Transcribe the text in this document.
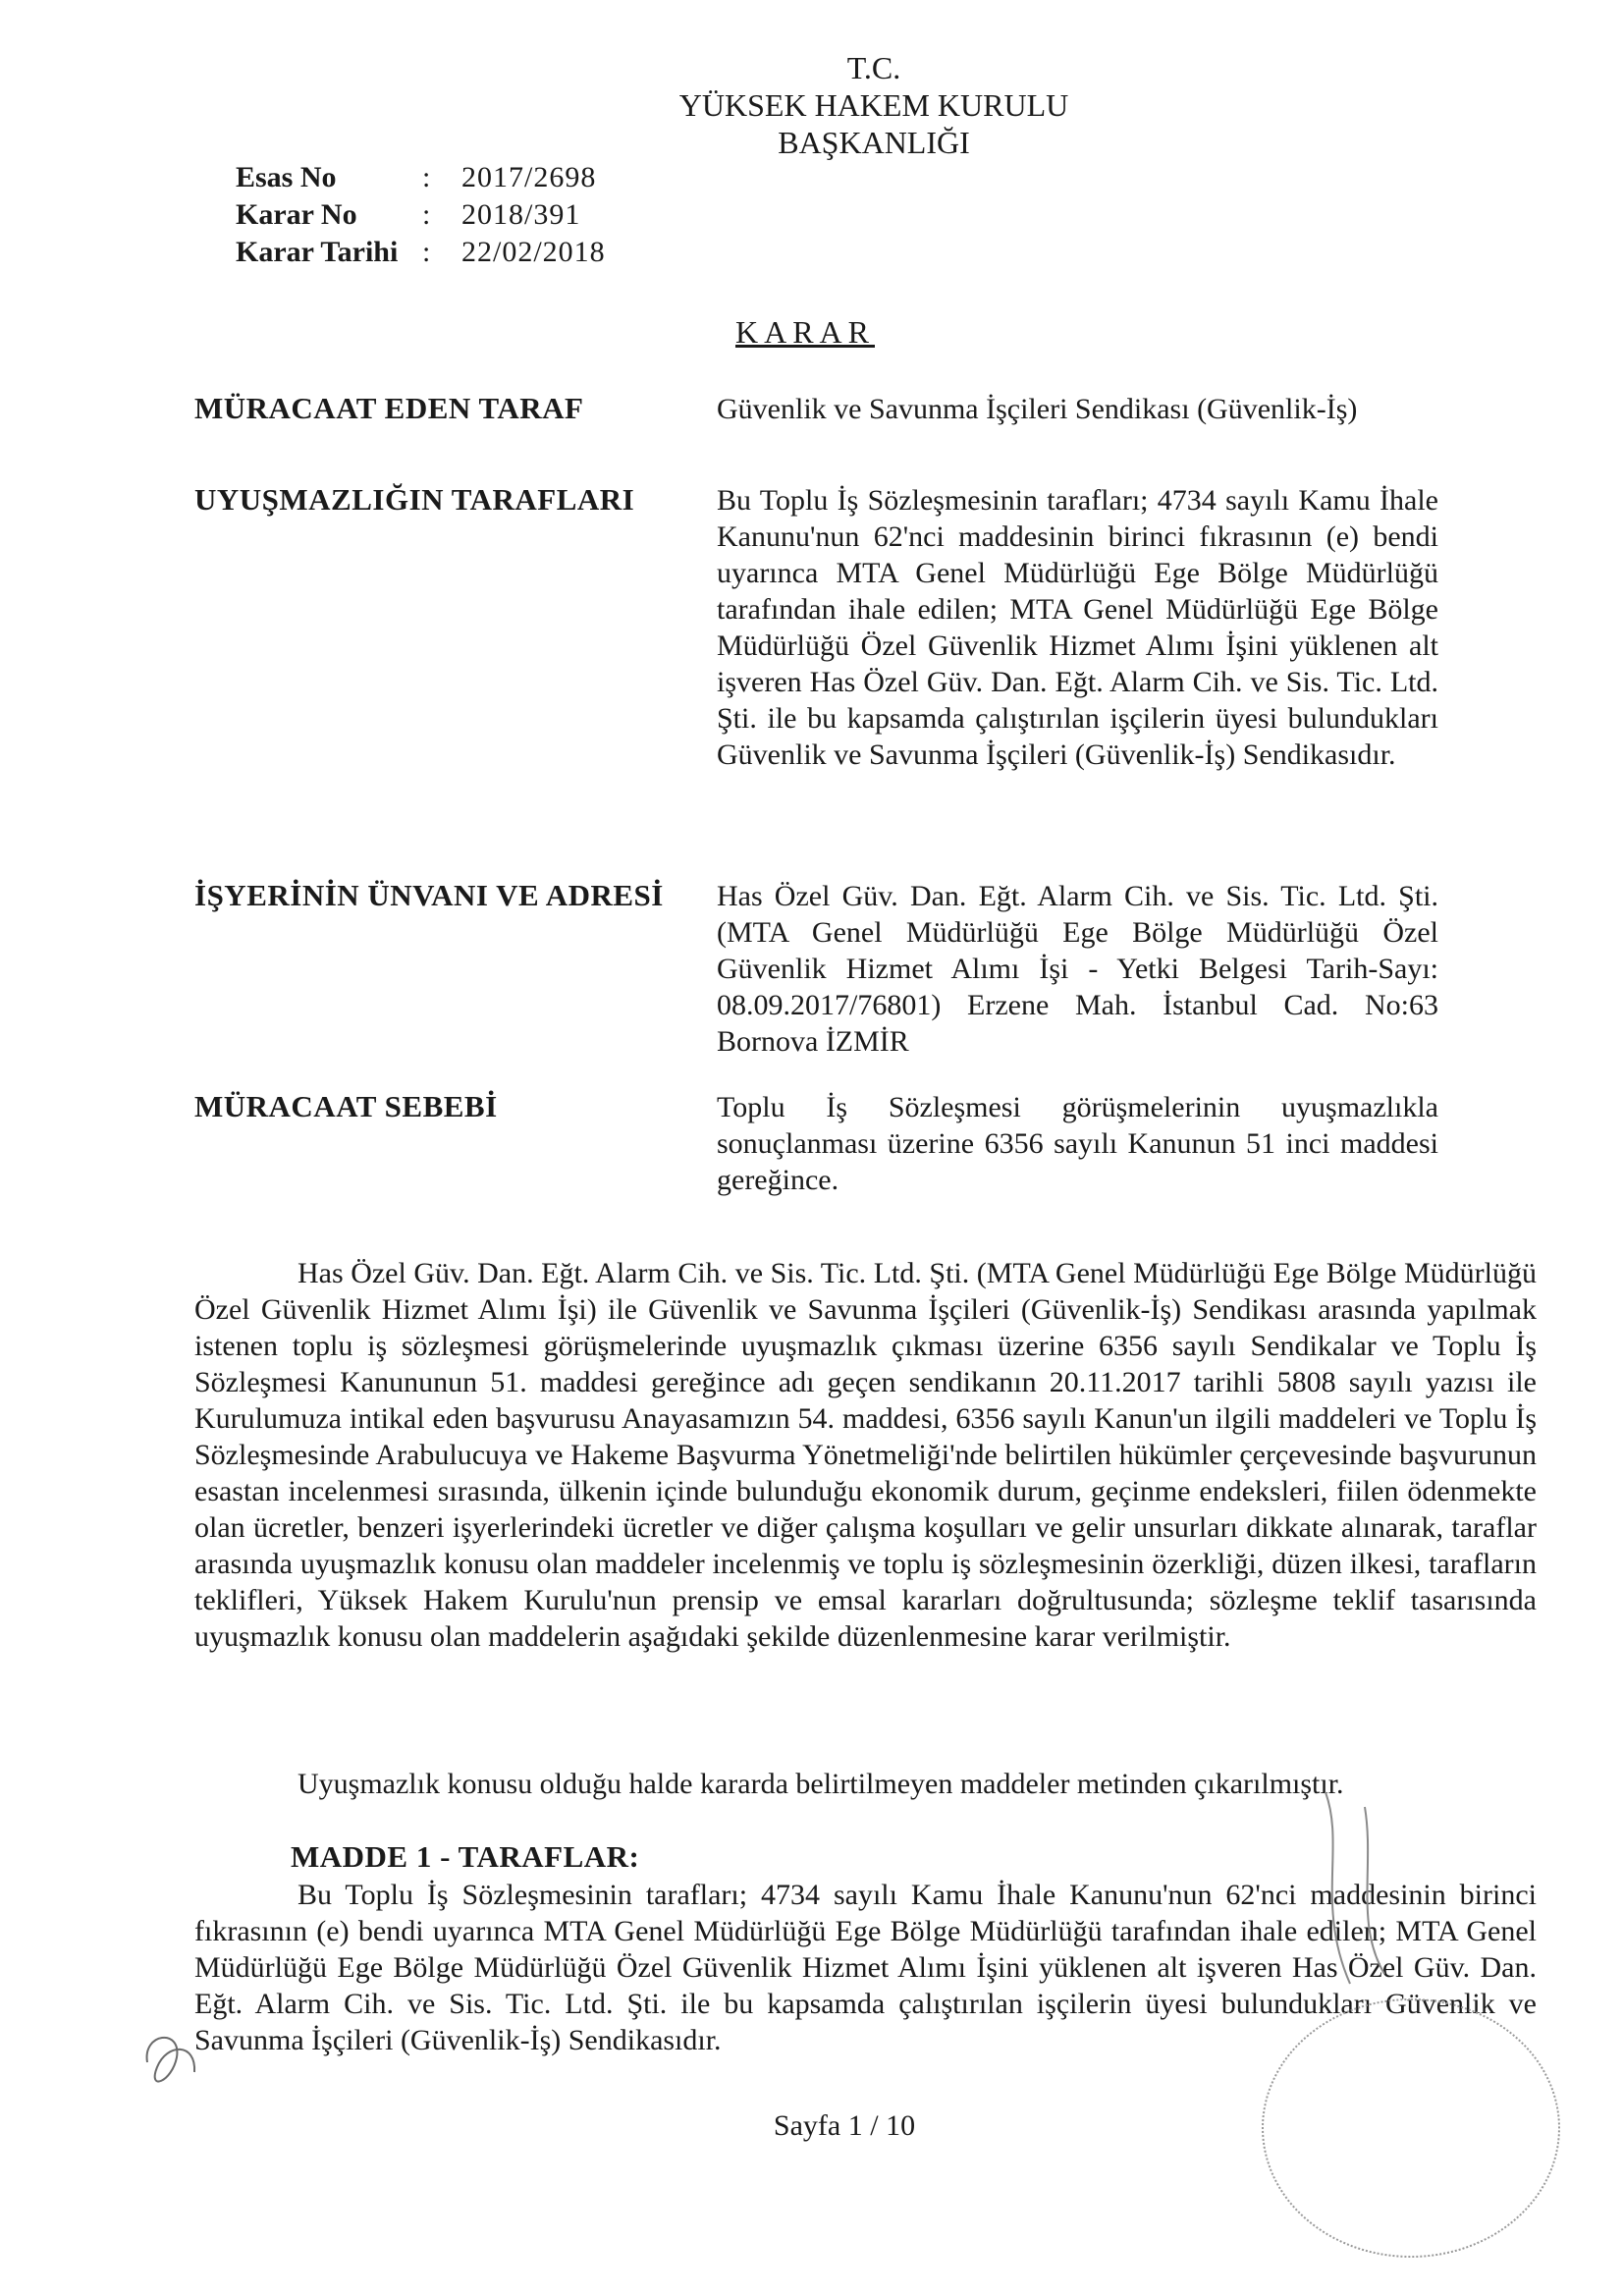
T.C.
YÜKSEK HAKEM KURULU
BAŞKANLIĞI
Esas No	:	2017/2698
Karar No	:	2018/391
Karar Tarihi :	22/02/2018
KARAR
MÜRACAAT EDEN TARAF	Güvenlik ve Savunma İşçileri Sendikası (Güvenlik-İş)
UYUŞMAZLIĞIN TARAFLARI	Bu Toplu İş Sözleşmesinin tarafları; 4734 sayılı Kamu İhale Kanunu'nun 62'nci maddesinin birinci fıkrasının (e) bendi uyarınca MTA Genel Müdürlüğü Ege Bölge Müdürlüğü tarafından ihale edilen; MTA Genel Müdürlüğü Ege Bölge Müdürlüğü Özel Güvenlik Hizmet Alımı İşini yüklenen alt işveren Has Özel Güv. Dan. Eğt. Alarm Cih. ve Sis. Tic. Ltd. Şti. ile bu kapsamda çalıştırılan işçilerin üyesi bulundukları Güvenlik ve Savunma İşçileri (Güvenlik-İş) Sendikasıdır.
İŞYERİNİN ÜNVANI VE ADRESİ Has Özel Güv. Dan. Eğt. Alarm Cih. ve Sis. Tic. Ltd. Şti. (MTA Genel Müdürlüğü Ege Bölge Müdürlüğü Özel Güvenlik Hizmet Alımı İşi - Yetki Belgesi Tarih-Sayı: 08.09.2017/76801) Erzene Mah. İstanbul Cad. No:63 Bornova İZMİR
MÜRACAAT SEBEBİ	Toplu İş Sözleşmesi görüşmelerinin uyuşmazlıkla sonuçlanması üzerine 6356 sayılı Kanunun 51 inci maddesi gereğince.
Has Özel Güv. Dan. Eğt. Alarm Cih. ve Sis. Tic. Ltd. Şti. (MTA Genel Müdürlüğü Ege Bölge Müdürlüğü Özel Güvenlik Hizmet Alımı İşi) ile Güvenlik ve Savunma İşçileri (Güvenlik-İş) Sendikası arasında yapılmak istenen toplu iş sözleşmesi görüşmelerinde uyuşmazlık çıkması üzerine 6356 sayılı Sendikalar ve Toplu İş Sözleşmesi Kanununun 51. maddesi gereğince adı geçen sendikanın 20.11.2017 tarihli 5808 sayılı yazısı ile Kurulumuza intikal eden başvurusu Anayasamızın 54. maddesi, 6356 sayılı Kanun'un ilgili maddeleri ve Toplu İş Sözleşmesinde Arabulucuya ve Hakeme Başvurma Yönetmeliği'nde belirtilen hükümler çerçevesinde başvurunun esastan incelenmesi sırasında, ülkenin içinde bulunduğu ekonomik durum, geçinme endeksleri, fiilen ödenmekte olan ücretler, benzeri işyerlerindeki ücretler ve diğer çalışma koşulları ve gelir unsurları dikkate alınarak, taraflar arasında uyuşmazlık konusu olan maddeler incelenmiş ve toplu iş sözleşmesinin özerkliği, düzen ilkesi, tarafların teklifleri, Yüksek Hakem Kurulu'nun prensip ve emsal kararları doğrultusunda; sözleşme teklif tasarısında uyuşmazlık konusu olan maddelerin aşağıdaki şekilde düzenlenmesine karar verilmiştir.
Uyuşmazlık konusu olduğu halde kararda belirtilmeyen maddeler metinden çıkarılmıştır.
MADDE 1 - TARAFLAR:
Bu Toplu İş Sözleşmesinin tarafları; 4734 sayılı Kamu İhale Kanunu'nun 62'nci maddesinin birinci fıkrasının (e) bendi uyarınca MTA Genel Müdürlüğü Ege Bölge Müdürlüğü tarafından ihale edilen; MTA Genel Müdürlüğü Ege Bölge Müdürlüğü Özel Güvenlik Hizmet Alımı İşini yüklenen alt işveren Has Özel Güv. Dan. Eğt. Alarm Cih. ve Sis. Tic. Ltd. Şti. ile bu kapsamda çalıştırılan işçilerin üyesi bulundukları Güvenlik ve Savunma İşçileri (Güvenlik-İş) Sendikasıdır.
Sayfa 1 / 10
